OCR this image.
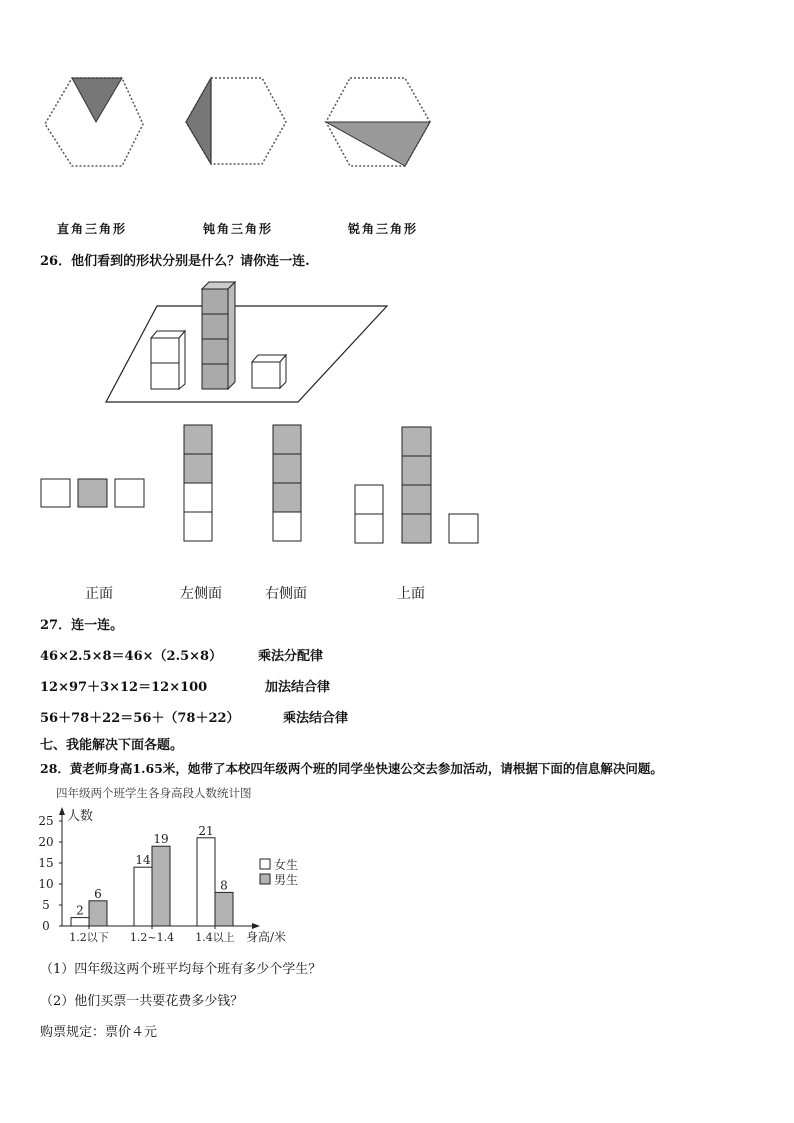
直角三角形	钝角三角形	锐角三角形
26．他们看到的形状分别是什么？请你连一连.
正面	左侧面	右侧面	上面
27．连一连。
46×2.5×8＝46×（2.5×8）	乘法分配律
12×97＋3×12＝12×100	加法结合律
56＋78＋22＝56＋（78＋22）	乘法结合律
七、我能解决下面各题。
28．黄老师身高1.65米，她带了本校四年级两个班的同学坐快速公交去参加活动，请根据下面的信息解决问题。
四年级两个班学生各身高段人数统计图
人数
身高/米
0
5
10
15
20
25
2
6
1.2以下
14
19
1.2~1.4
21
8
1.4以上
女生
男生
（1）四年级这两个班平均每个班有多少个学生？
（2）他们买票一共要花费多少钱？
购票规定：票价４元
